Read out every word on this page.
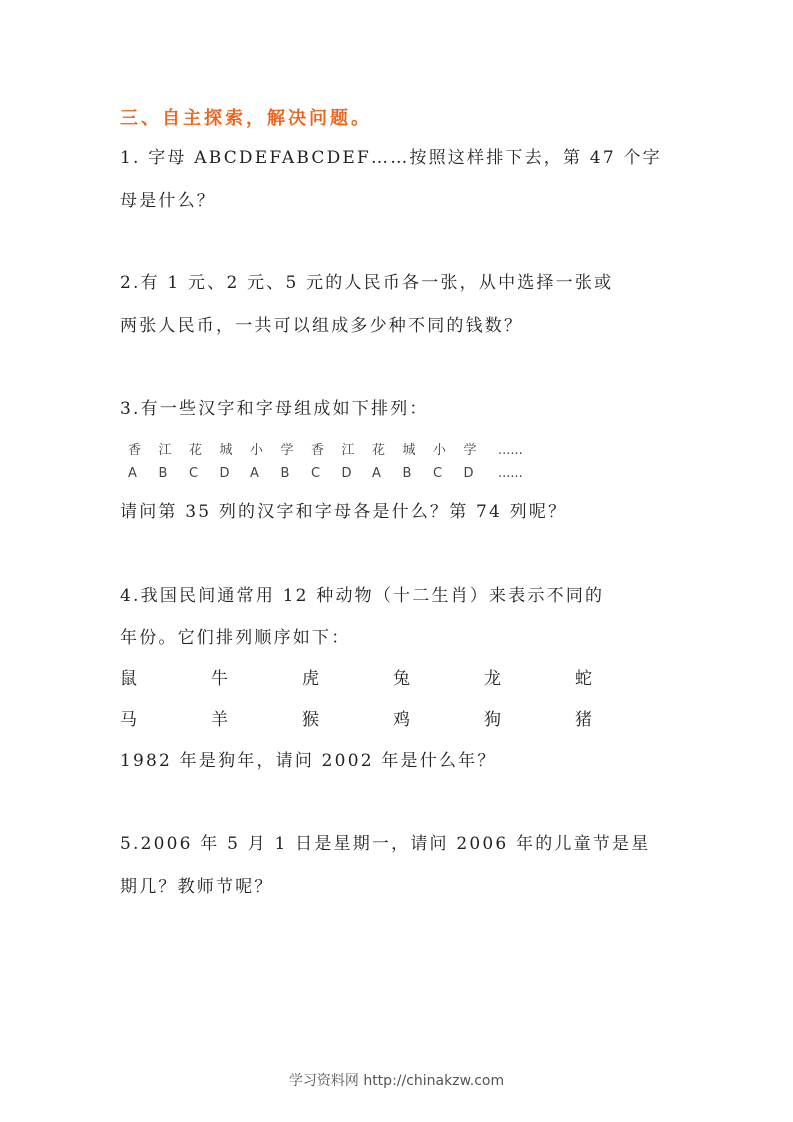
三、自主探索，解决问题。
1. 字母 ABCDEFABCDEF……按照这样排下去，第 47 个字
母是什么？
2.有 1 元、2 元、5 元的人民币各一张，从中选择一张或
两张人民币，一共可以组成多少种不同的钱数？
3.有一些汉字和字母组成如下排列：
香 江 花 城 小 学 香 江 花 城 小 学 ......
A B C D A B C D A B C D ......
请问第 35 列的汉字和字母各是什么？第 74 列呢？
4.我国民间通常用 12 种动物（十二生肖）来表示不同的
年份。它们排列顺序如下：
鼠	牛	虎	兔	龙	蛇
马	羊	猴	鸡	狗	猪
1982 年是狗年，请问 2002 年是什么年？
5.2006 年 5 月 1 日是星期一，请问 2006 年的儿童节是星
期几？教师节呢？
学习资料网 http://chinakzw.com
